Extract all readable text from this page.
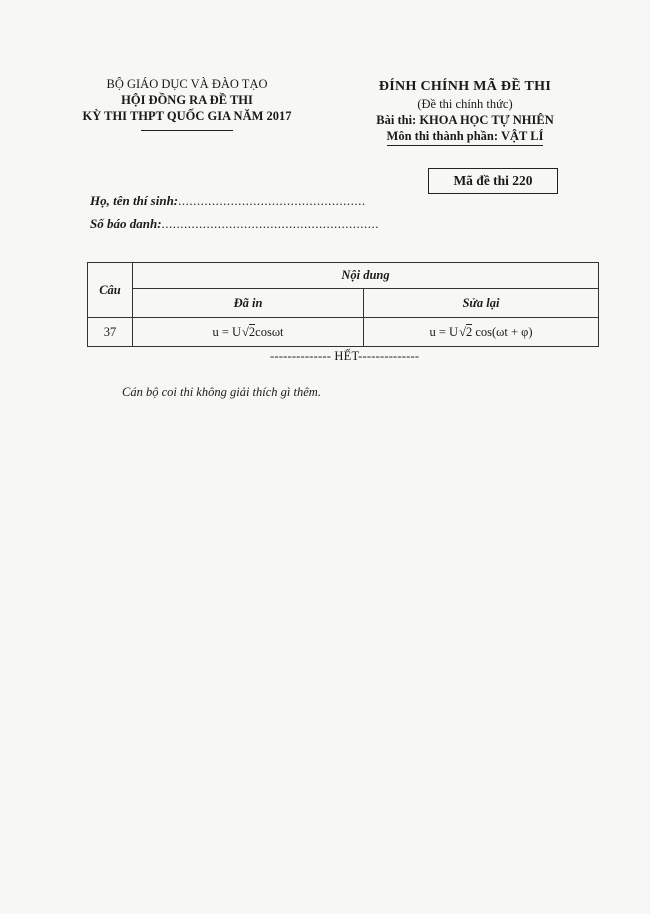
BỘ GIÁO DỤC VÀ ĐÀO TẠO
HỘI ĐỒNG RA ĐỀ THI
KỲ THI THPT QUỐC GIA NĂM 2017
ĐÍNH CHÍNH MÃ ĐỀ THI
(Đề thi chính thức)
Bài thi: KHOA HỌC TỰ NHIÊN
Môn thi thành phần: VẬT LÍ
Mã đề thi 220
Họ, tên thí sinh:..................................................
Số báo danh:..........................................................
Câu	Nội dung	
	Đã in	Sửa lại
37	u = U√2cosωt	u = U√2 cos(ωt + φ)
-------------- HẾT--------------
Cán bộ coi thi không giải thích gì thêm.
